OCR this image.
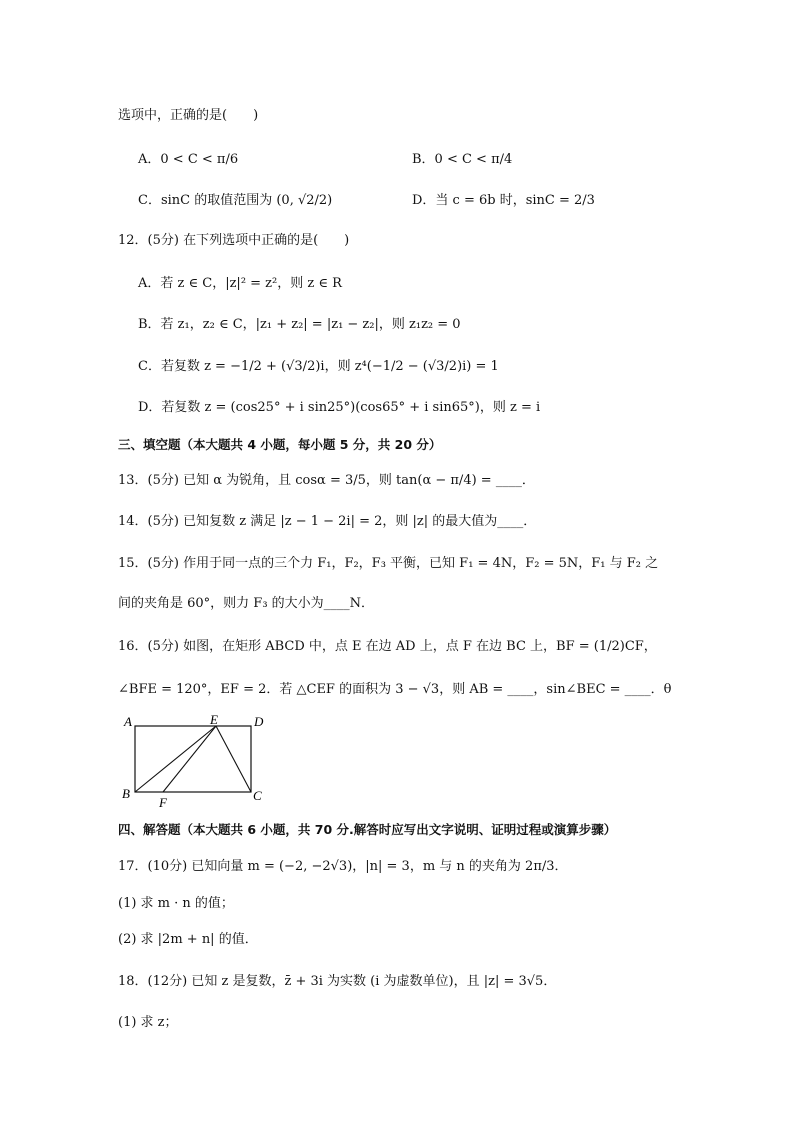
选项中，正确的是(　　)
A．0 < C < π/6	B．0 < C < π/4
C．sinC 的取值范围为 (0, √2/2)	D．当 c = 6b 时，sinC = 2/3
12．(5分) 在下列选项中正确的是(　　)
A．若 z ∈ C，|z|² = z²，则 z ∈ R
B．若 z₁，z₂ ∈ C，|z₁ + z₂| = |z₁ − z₂|，则 z₁z₂ = 0
C．若复数 z = −1/2 + (√3/2)i，则 z⁴(−1/2 − (√3/2)i) = 1
D．若复数 z = (cos25° + i sin25°)(cos65° + i sin65°)，则 z = i
三、填空题（本大题共 4 小题，每小题 5 分，共 20 分）
13．(5分) 已知 α 为锐角，且 cosα = 3/5，则 tan(α − π/4) = ____．
14．(5分) 已知复数 z 满足 |z − 1 − 2i| = 2，则 |z| 的最大值为____．
15．(5分) 作用于同一点的三个力 F₁，F₂，F₃ 平衡，已知 F₁ = 4N，F₂ = 5N，F₁ 与 F₂ 之
间的夹角是 60°，则力 F₃ 的大小为____N．
16．(5分) 如图，在矩形 ABCD 中，点 E 在边 AD 上，点 F 在边 BC 上，BF = (1/2)CF，
∠BFE = 120°，EF = 2．若 △CEF 的面积为 3 − √3，则 AB = ____，sin∠BEC = ____．θ
A	E	D
B
F	C
四、解答题（本大题共 6 小题，共 70 分.解答时应写出文字说明、证明过程或演算步骤）
17．(10分) 已知向量 m = (−2, −2√3)，|n| = 3，m 与 n 的夹角为 2π/3．
(1) 求 m · n 的值；
(2) 求 |2m + n| 的值．
18．(12分) 已知 z 是复数，z̄ + 3i 为实数 (i 为虚数单位)，且 |z| = 3√5．
(1) 求 z；
